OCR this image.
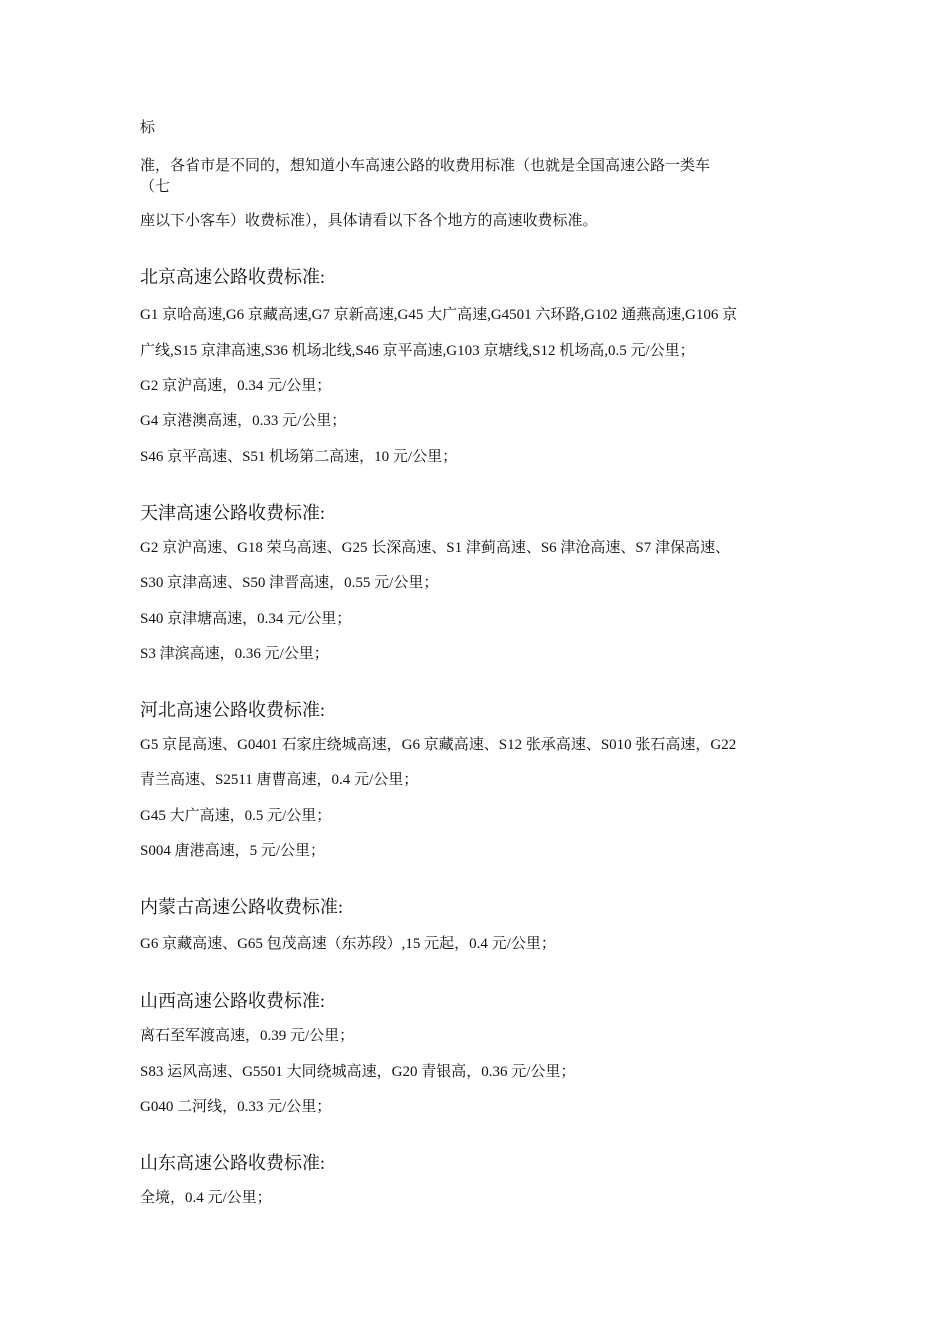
标
准，各省市是不同的，想知道小车高速公路的收费用标准（也就是全国高速公路一类车
（七
座以下小客车）收费标准），具体请看以下各个地方的高速收费标准。
北京高速公路收费标准:
G1 京哈高速,G6 京藏高速,G7 京新高速,G45 大广高速,G4501 六环路,G102 通燕高速,G106 京
广线,S15 京津高速,S36 机场北线,S46 京平高速,G103 京塘线,S12 机场高,0.5 元/公里；
G2 京沪高速，0.34 元/公里；
G4 京港澳高速，0.33 元/公里；
S46 京平高速、S51 机场第二高速，10 元/公里；
天津高速公路收费标准:
G2 京沪高速、G18 荣乌高速、G25 长深高速、S1 津蓟高速、S6 津沧高速、S7 津保高速、
S30 京津高速、S50 津晋高速，0.55 元/公里；
S40 京津塘高速，0.34 元/公里；
S3 津滨高速，0.36 元/公里；
河北高速公路收费标准:
G5 京昆高速、G0401 石家庄绕城高速，G6 京藏高速、S12 张承高速、S010 张石高速，G22
青兰高速、S2511 唐曹高速，0.4 元/公里；
G45 大广高速，0.5 元/公里；
S004 唐港高速，5 元/公里；
内蒙古高速公路收费标准:
G6 京藏高速、G65 包茂高速（东苏段）,15 元起，0.4 元/公里；
山西高速公路收费标准:
离石至军渡高速，0.39 元/公里；
S83 运风高速、G5501 大同绕城高速，G20 青银高，0.36 元/公里；
G040 二河线，0.33 元/公里；
山东高速公路收费标准:
全境，0.4 元/公里；
